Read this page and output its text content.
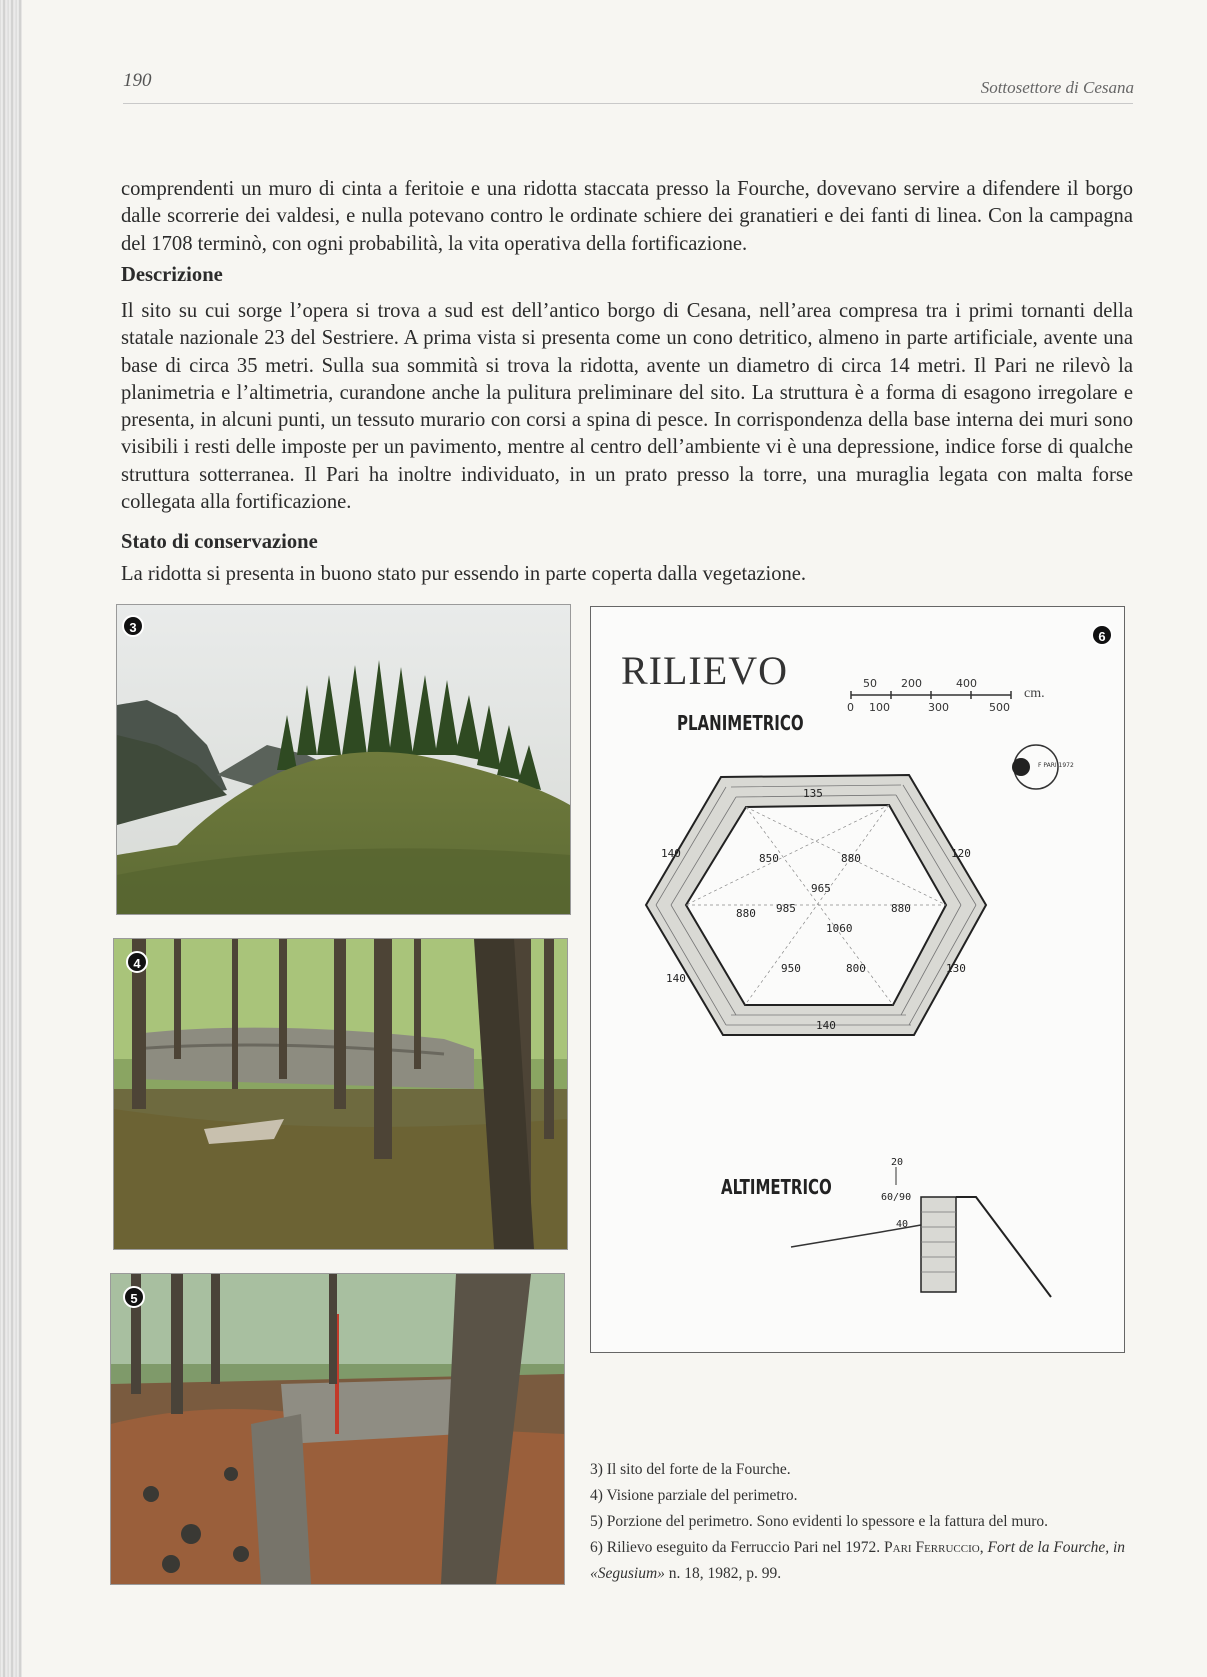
190	Sottosettore di Cesana
comprendenti un muro di cinta a feritoie e una ridotta staccata presso la Fourche, dovevano servire a difendere il borgo dalle scorrerie dei valdesi, e nulla potevano contro le ordinate schiere dei granatieri e dei fanti di linea. Con la campagna del 1708 terminò, con ogni probabilità, la vita operativa della fortificazione.
Descrizione
Il sito su cui sorge l’opera si trova a sud est dell’antico borgo di Cesana, nell’area compresa tra i primi tornanti della statale nazionale 23 del Sestriere. A prima vista si presenta come un cono detritico, almeno in parte artificiale, avente una base di circa 35 metri. Sulla sua sommità si trova la ridotta, avente un diametro di circa 14 metri. Il Pari ne rilevò la planimetria e l’altimetria, curandone anche la pulitura preliminare del sito. La struttura è a forma di esagono irregolare e presenta, in alcuni punti, un tessuto murario con corsi a spina di pesce. In corrispondenza della base interna dei muri sono visibili i resti delle imposte per un pavimento, mentre al centro dell’ambiente vi è una depressione, indice forse di qualche struttura sotterranea. Il Pari ha inoltre individuato, in un prato presso la torre, una muraglia legata con malta forse collegata alla fortificazione.
Stato di conservazione
La ridotta si presenta in buono stato pur essendo in parte coperta dalla vegetazione.
3
4
5
RILIEVO
PLANIMETRICO
cm.
50 200	400
0 100	300	500
F PARI 1972
135
140	120
140
130
140
850	880
965
985
880	880
1060
950	800
20
60/90
40
ALTIMETRICO
6

3) Il sito del forte de la Fourche.

4) Visione parziale del perimetro.

5) Porzione del perimetro. Sono evidenti lo spessore e la fattura del muro.

6) Rilievo eseguito da Ferruccio Pari nel 1972. Pari Ferruccio, Fort de la Fourche, in «Segusium» n. 18, 1982, p. 99.
